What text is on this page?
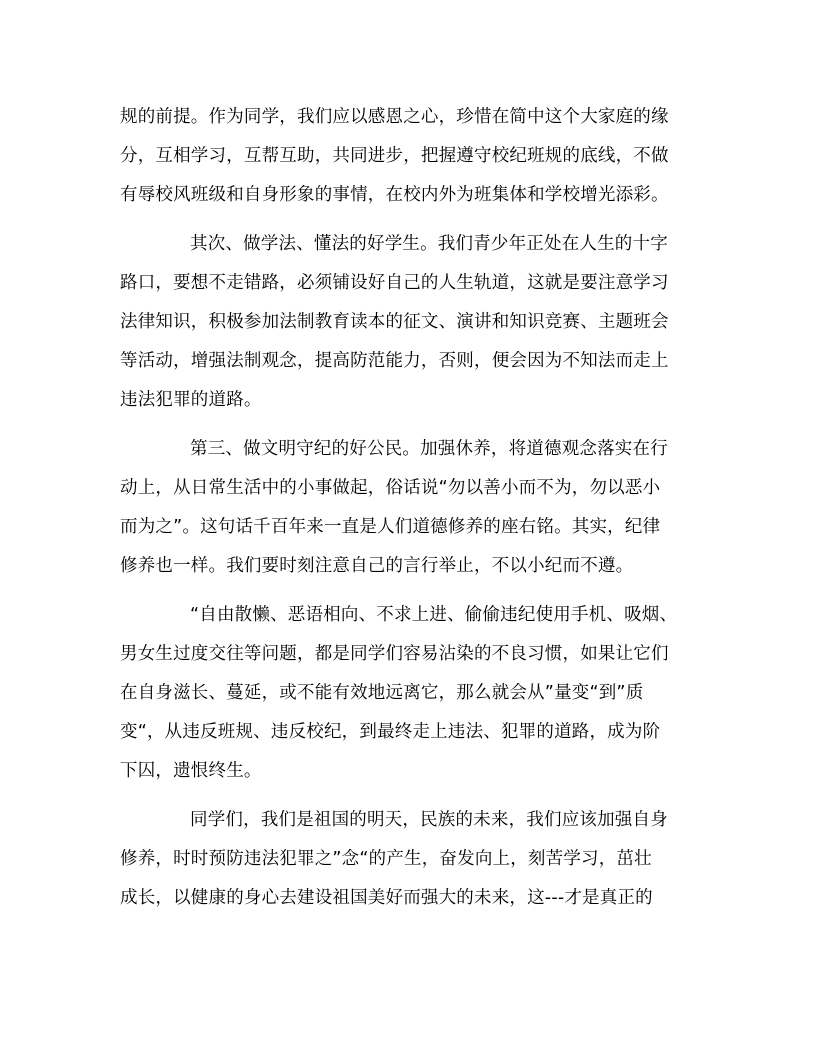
规的前提。作为同学，我们应以感恩之心，珍惜在简中这个大家庭的缘
分，互相学习，互帮互助，共同进步，把握遵守校纪班规的底线，不做
有辱校风班级和自身形象的事情，在校内外为班集体和学校增光添彩。
其次、做学法、懂法的好学生。我们青少年正处在人生的十字
路口，要想不走错路，必须铺设好自己的人生轨道，这就是要注意学习
法律知识，积极参加法制教育读本的征文、演讲和知识竞赛、主题班会
等活动，增强法制观念，提高防范能力，否则，便会因为不知法而走上
违法犯罪的道路。
第三、做文明守纪的好公民。加强休养，将道德观念落实在行
动上，从日常生活中的小事做起，俗话说“勿以善小而不为，勿以恶小
而为之”。这句话千百年来一直是人们道德修养的座右铭。其实，纪律
修养也一样。我们要时刻注意自己的言行举止，不以小纪而不遵。
“自由散懒、恶语相向、不求上进、偷偷违纪使用手机、吸烟、
男女生过度交往等问题，都是同学们容易沾染的不良习惯，如果让它们
在自身滋长、蔓延，或不能有效地远离它，那么就会从”量变“到”质
变“，从违反班规、违反校纪，到最终走上违法、犯罪的道路，成为阶
下囚，遗恨终生。
同学们，我们是祖国的明天，民族的未来，我们应该加强自身
修养，时时预防违法犯罪之”念“的产生，奋发向上，刻苦学习，茁壮
成长，以健康的身心去建设祖国美好而强大的未来，这---才是真正的
